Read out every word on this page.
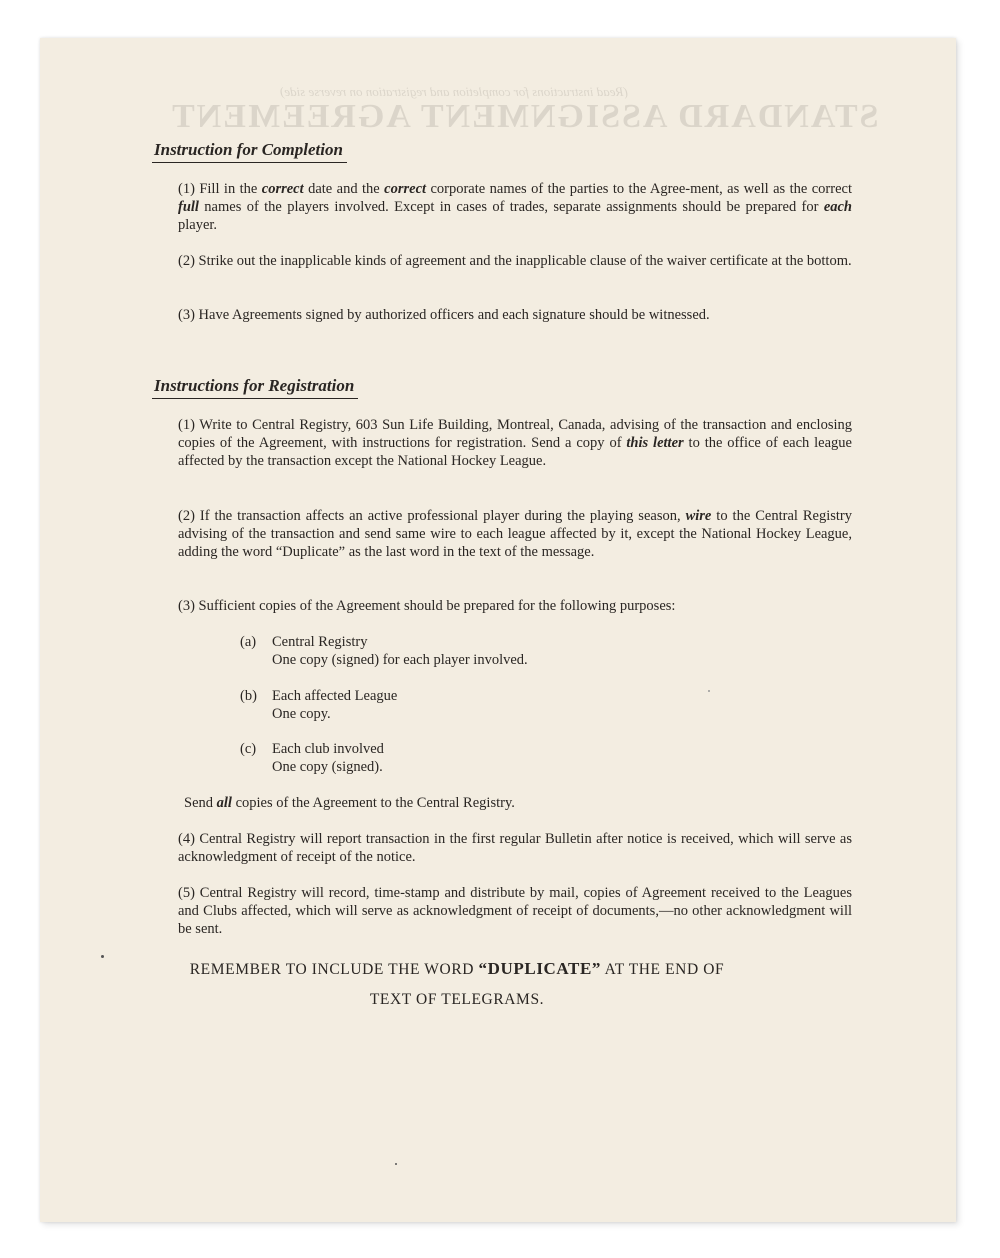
(Read instructions for completion and registration on reverse side)
STANDARD ASSIGNMENT AGREEMENT
Instruction for Completion
(1) Fill in the correct date and the correct corporate names of the parties to the Agree-ment, as well as the correct full names of the players involved. Except in cases of trades, separate assignments should be prepared for each player.
(2) Strike out the inapplicable kinds of agreement and the inapplicable clause of the waiver certificate at the bottom.
(3) Have Agreements signed by authorized officers and each signature should be witnessed.
Instructions for Registration
(1) Write to Central Registry, 603 Sun Life Building, Montreal, Canada, advising of the transaction and enclosing copies of the Agreement, with instructions for registration. Send a copy of this letter to the office of each league affected by the transaction except the National Hockey League.
(2) If the transaction affects an active professional player during the playing season, wire to the Central Registry advising of the transaction and send same wire to each league affected by it, except the National Hockey League, adding the word “Duplicate” as the last word in the text of the message.
(3) Sufficient copies of the Agreement should be prepared for the following purposes:
(a) Central Registry
One copy (signed) for each player involved.
(b) Each affected League
One copy.
(c) Each club involved
One copy (signed).
Send all copies of the Agreement to the Central Registry.
(4) Central Registry will report transaction in the first regular Bulletin after notice is received, which will serve as acknowledgment of receipt of the notice.
(5) Central Registry will record, time-stamp and distribute by mail, copies of Agreement received to the Leagues and Clubs affected, which will serve as acknowledgment of receipt of documents,—no other acknowledgment will be sent.
REMEMBER TO INCLUDE THE WORD “DUPLICATE” AT THE END OF
TEXT OF TELEGRAMS.
